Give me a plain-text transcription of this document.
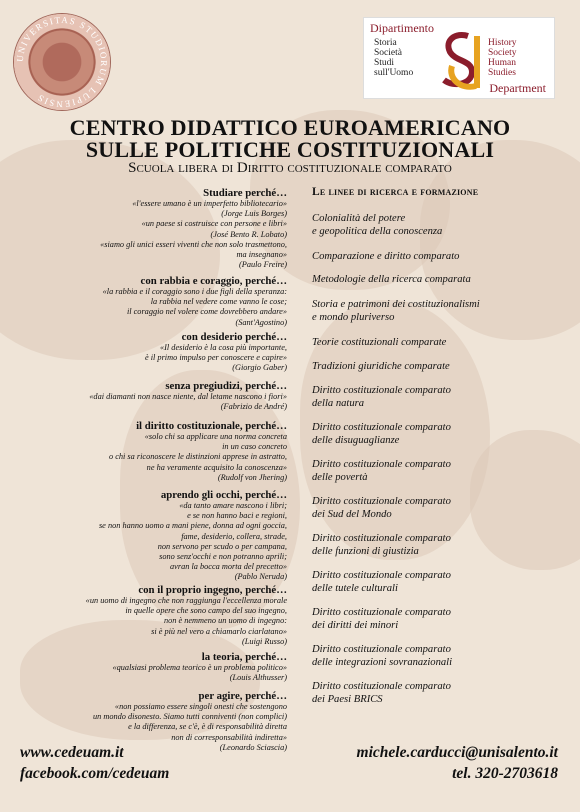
UNIVERSITAS STUDIORUM LUPIENSIS
Dipartimento
Storia
Società
Studi
sull'Uomo
History
Society
Human
Studies
Department
CENTRO DIDATTICO EUROAMERICANO
SULLE POLITICHE COSTITUZIONALI
Scuola libera di Diritto costituzionale comparato
Studiare perché…
«l'essere umano è un imperfetto bibliotecario»
(Jorge Luis Borges)
«un paese si costruisce con persone e libri»
(José Bento R. Lobato)
«siamo gli unici esseri viventi che non solo trasmettono,
ma insegnano»
(Paulo Freire)
con rabbia e coraggio, perché…
«la rabbia e il coraggio sono i due figli della speranza:
la rabbia nel vedere come vanno le cose;
il coraggio nel volere come dovrebbero andare»
(Sant'Agostino)
con desiderio perché…
«Il desiderio è la cosa più importante,
è il primo impulso per conoscere e capire»
(Giorgio Gaber)
senza pregiudizi, perché…
«dai diamanti non nasce niente, dal letame nascono i fiori»
(Fabrizio de André)
il diritto costituzionale, perché…
«solo chi sa applicare una norma concreta
in un caso concreto
o chi sa riconoscere le distinzioni apprese in astratto,
ne ha veramente acquisito la conoscenza»
(Rudolf von Jhering)
aprendo gli occhi, perché…
«da tanto amare nascono i libri;
e se non hanno baci e regioni,
se non hanno uomo a mani piene, donna ad ogni goccia,
fame, desiderio, collera, strade,
non servono per scudo o per campana,
sono senz'occhi e non potranno aprili;
avran la bocca morta del precetto»
(Pablo Neruda)
con il proprio ingegno, perché…
«un uomo di ingegno che non raggiunga l'eccellenza morale
in quelle opere che sono campo del suo ingegno,
non è nemmeno un uomo di ingegno:
si è più nel vero a chiamarlo ciarlatano»
(Luigi Russo)
la teoria, perché…
«qualsiasi problema teorico è un problema politico»
(Louis Althusser)
per agire, perché…
«non possiamo essere singoli onesti che sostengono
un mondo disonesto. Siamo tutti conniventi (non complici)
e la differenza, se c'è, è di responsabilità diretta
non di corresponsabilità indiretta»
(Leonardo Sciascia)
Le linee di ricerca e formazione
Colonialità del potere
e geopolitica della conoscenza
Comparazione e diritto comparato
Metodologie della ricerca comparata
Storia e patrimoni dei costituzionalismi
e mondo pluriverso
Teorie costituzionali comparate
Tradizioni giuridiche comparate
Diritto costituzionale comparato
della natura
Diritto costituzionale comparato
delle disuguaglianze
Diritto costituzionale comparato
delle povertà
Diritto costituzionale comparato
dei Sud del Mondo
Diritto costituzionale comparato
delle funzioni di giustizia
Diritto costituzionale comparato
delle tutele culturali
Diritto costituzionale comparato
dei diritti dei minori
Diritto costituzionale comparato
delle integrazioni sovranazionali
Diritto costituzionale comparato
dei Paesi BRICS
www.cedeuam.it
facebook.com/cedeuam
michele.carducci@unisalento.it
tel. 320-2703618
